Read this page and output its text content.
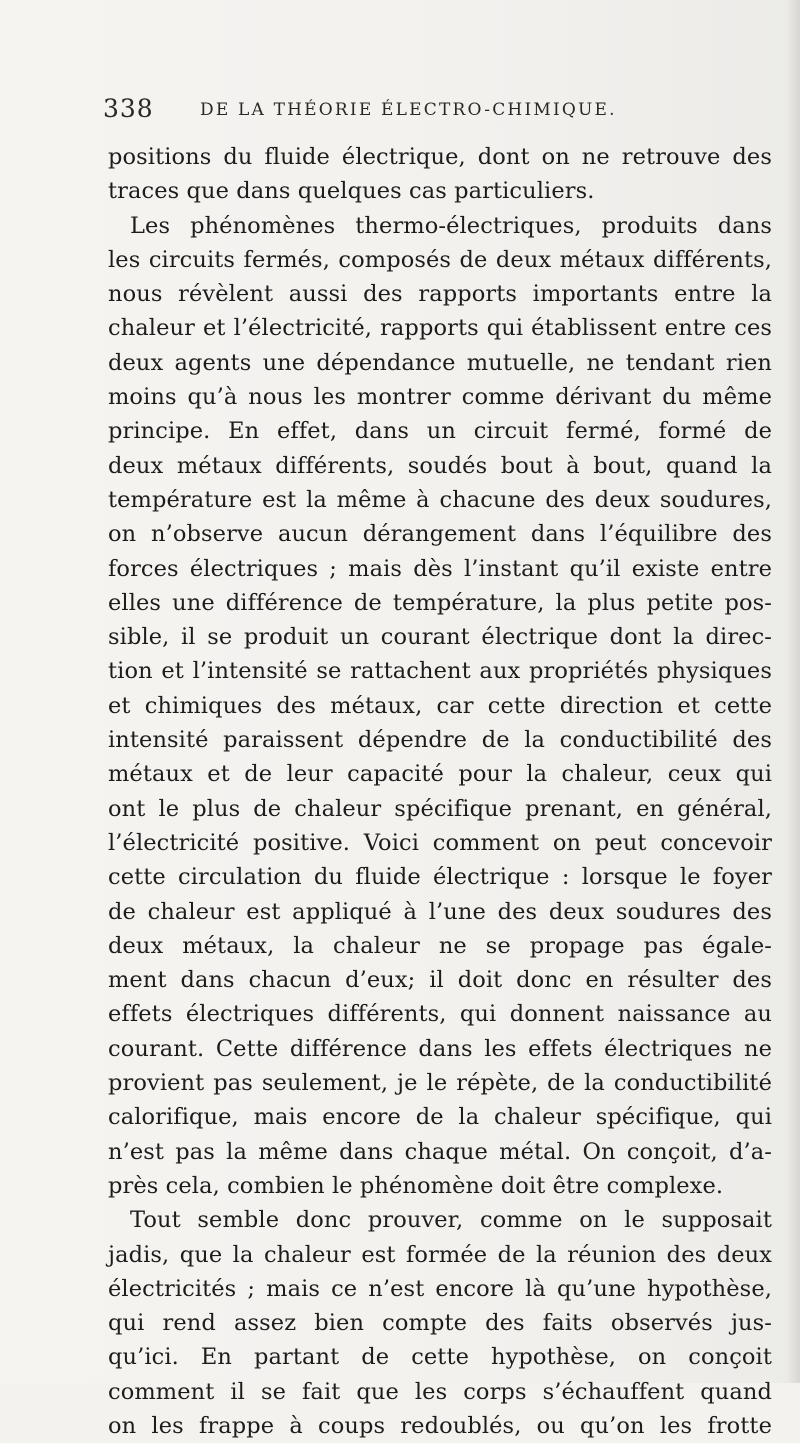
338	DE LA THÉORIE ÉLECTRO-CHIMIQUE.
positions du fluide électrique, dont on ne retrouve des
traces que dans quelques cas particuliers.
Les phénomènes thermo-électriques, produits dans
les circuits fermés, composés de deux métaux différents,
nous révèlent aussi des rapports importants entre la
chaleur et l’électricité, rapports qui établissent entre ces
deux agents une dépendance mutuelle, ne tendant rien
moins qu’à nous les montrer comme dérivant du même
principe. En effet, dans un circuit fermé, formé de
deux métaux différents, soudés bout à bout, quand la
température est la même à chacune des deux soudures,
on n’observe aucun dérangement dans l’équilibre des
forces électriques ; mais dès l’instant qu’il existe entre
elles une différence de température, la plus petite pos-
sible, il se produit un courant électrique dont la direc-
tion et l’intensité se rattachent aux propriétés physiques
et chimiques des métaux, car cette direction et cette
intensité paraissent dépendre de la conductibilité des
métaux et de leur capacité pour la chaleur, ceux qui
ont le plus de chaleur spécifique prenant, en général,
l’électricité positive. Voici comment on peut concevoir
cette circulation du fluide électrique : lorsque le foyer
de chaleur est appliqué à l’une des deux soudures des
deux métaux, la chaleur ne se propage pas égale-
ment dans chacun d’eux; il doit donc en résulter des
effets électriques différents, qui donnent naissance au
courant. Cette différence dans les effets électriques ne
provient pas seulement, je le répète, de la conductibilité
calorifique, mais encore de la chaleur spécifique, qui
n’est pas la même dans chaque métal. On conçoit, d’a-
près cela, combien le phénomène doit être complexe.
Tout semble donc prouver, comme on le supposait
jadis, que la chaleur est formée de la réunion des deux
électricités ; mais ce n’est encore là qu’une hypothèse,
qui rend assez bien compte des faits observés jus-
qu’ici. En partant de cette hypothèse, on conçoit
comment il se fait que les corps s’échauffent quand
on les frappe à coups redoublés, ou qu’on les frotte
